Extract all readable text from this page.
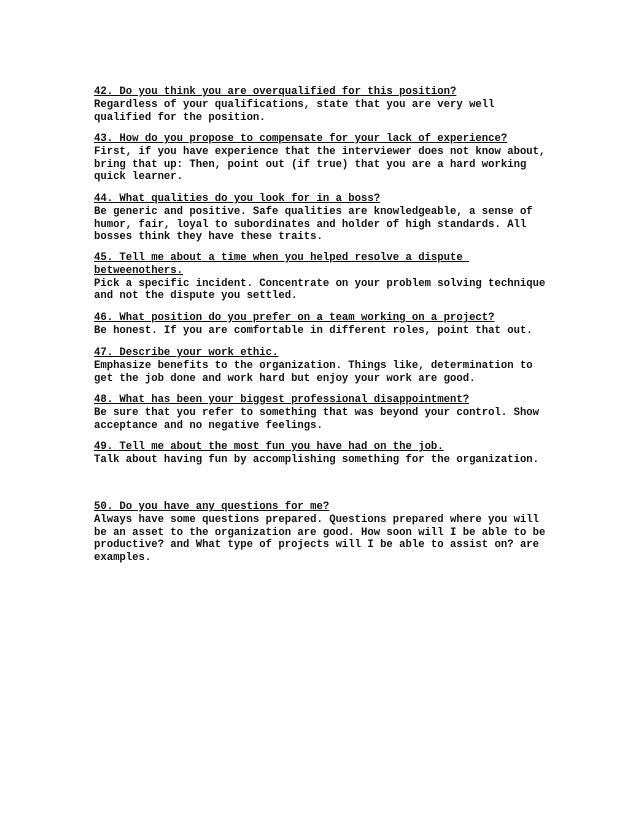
42. Do you think you are overqualified for this position?
Regardless of your qualifications, state that you are very well
qualified for the position.
43. How do you propose to compensate for your lack of experience?
First, if you have experience that the interviewer does not know about,
bring that up: Then, point out (if true) that you are a hard working
quick learner.
44. What qualities do you look for in a boss?
Be generic and positive. Safe qualities are knowledgeable, a sense of
humor, fair, loyal to subordinates and holder of high standards. All
bosses think they have these traits.
45. Tell me about a time when you helped resolve a dispute
betweenothers.
Pick a specific incident. Concentrate on your problem solving technique
and not the dispute you settled.
46. What position do you prefer on a team working on a project?
Be honest. If you are comfortable in different roles, point that out.
47. Describe your work ethic.
Emphasize benefits to the organization. Things like, determination to
get the job done and work hard but enjoy your work are good.
48. What has been your biggest professional disappointment?
Be sure that you refer to something that was beyond your control. Show
acceptance and no negative feelings.
49. Tell me about the most fun you have had on the job.
Talk about having fun by accomplishing something for the organization.
50. Do you have any questions for me?
Always have some questions prepared. Questions prepared where you will
be an asset to the organization are good. How soon will I be able to be
productive? and What type of projects will I be able to assist on? are
examples.
